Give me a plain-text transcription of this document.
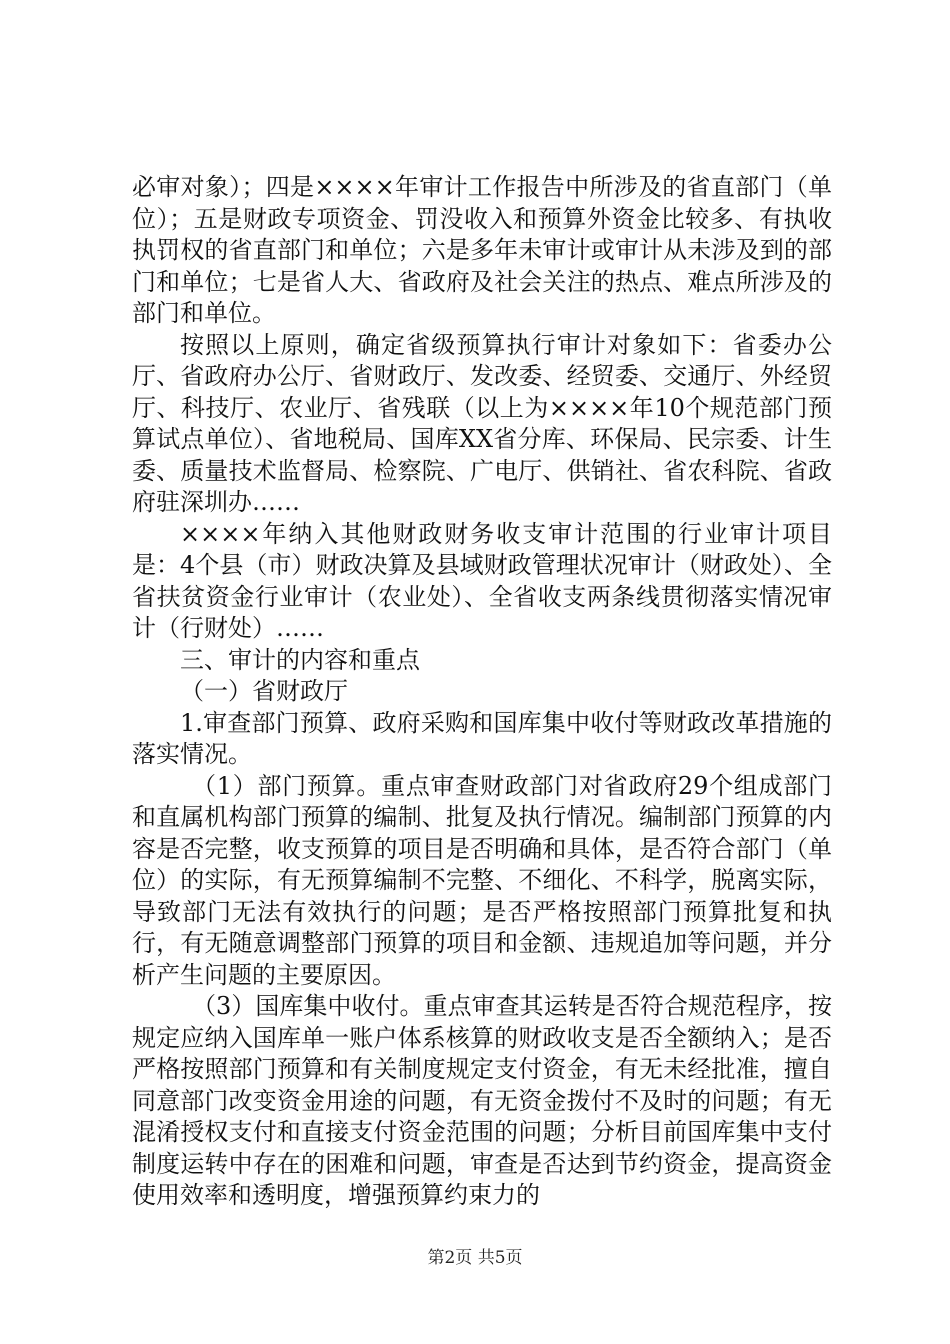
必审对象）；四是××××年审计工作报告中所涉及的省直部门（单位）；五是财政专项资金、罚没收入和预算外资金比较多、有执收执罚权的省直部门和单位；六是多年未审计或审计从未涉及到的部门和单位；七是省人大、省政府及社会关注的热点、难点所涉及的部门和单位。

按照以上原则，确定省级预算执行审计对象如下：省委办公厅、省政府办公厅、省财政厅、发改委、经贸委、交通厅、外经贸厅、科技厅、农业厅、省残联（以上为××××年10个规范部门预算试点单位）、省地税局、国库XX省分库、环保局、民宗委、计生委、质量技术监督局、检察院、广电厅、供销社、省农科院、省政府驻深圳办……

××××年纳入其他财政财务收支审计范围的行业审计项目是：4个县（市）财政决算及县域财政管理状况审计（财政处）、全省扶贫资金行业审计（农业处）、全省收支两条线贯彻落实情况审计（行财处）……

三、审计的内容和重点

（一）省财政厅

1.审查部门预算、政府采购和国库集中收付等财政改革措施的落实情况。

（1）部门预算。重点审查财政部门对省政府29个组成部门和直属机构部门预算的编制、批复及执行情况。编制部门预算的内容是否完整，收支预算的项目是否明确和具体，是否符合部门（单位）的实际，有无预算编制不完整、不细化、不科学，脱离实际，导致部门无法有效执行的问题；是否严格按照部门预算批复和执行，有无随意调整部门预算的项目和金额、违规追加等问题，并分析产生问题的主要原因。

（3）国库集中收付。重点审查其运转是否符合规范程序，按规定应纳入国库单一账户体系核算的财政收支是否全额纳入；是否严格按照部门预算和有关制度规定支付资金，有无未经批准，擅自同意部门改变资金用途的问题，有无资金拨付不及时的问题；有无混淆授权支付和直接支付资金范围的问题；分析目前国库集中支付制度运转中存在的困难和问题，审查是否达到节约资金，提高资金使用效率和透明度，增强预算约束力的

第2页 共5页
